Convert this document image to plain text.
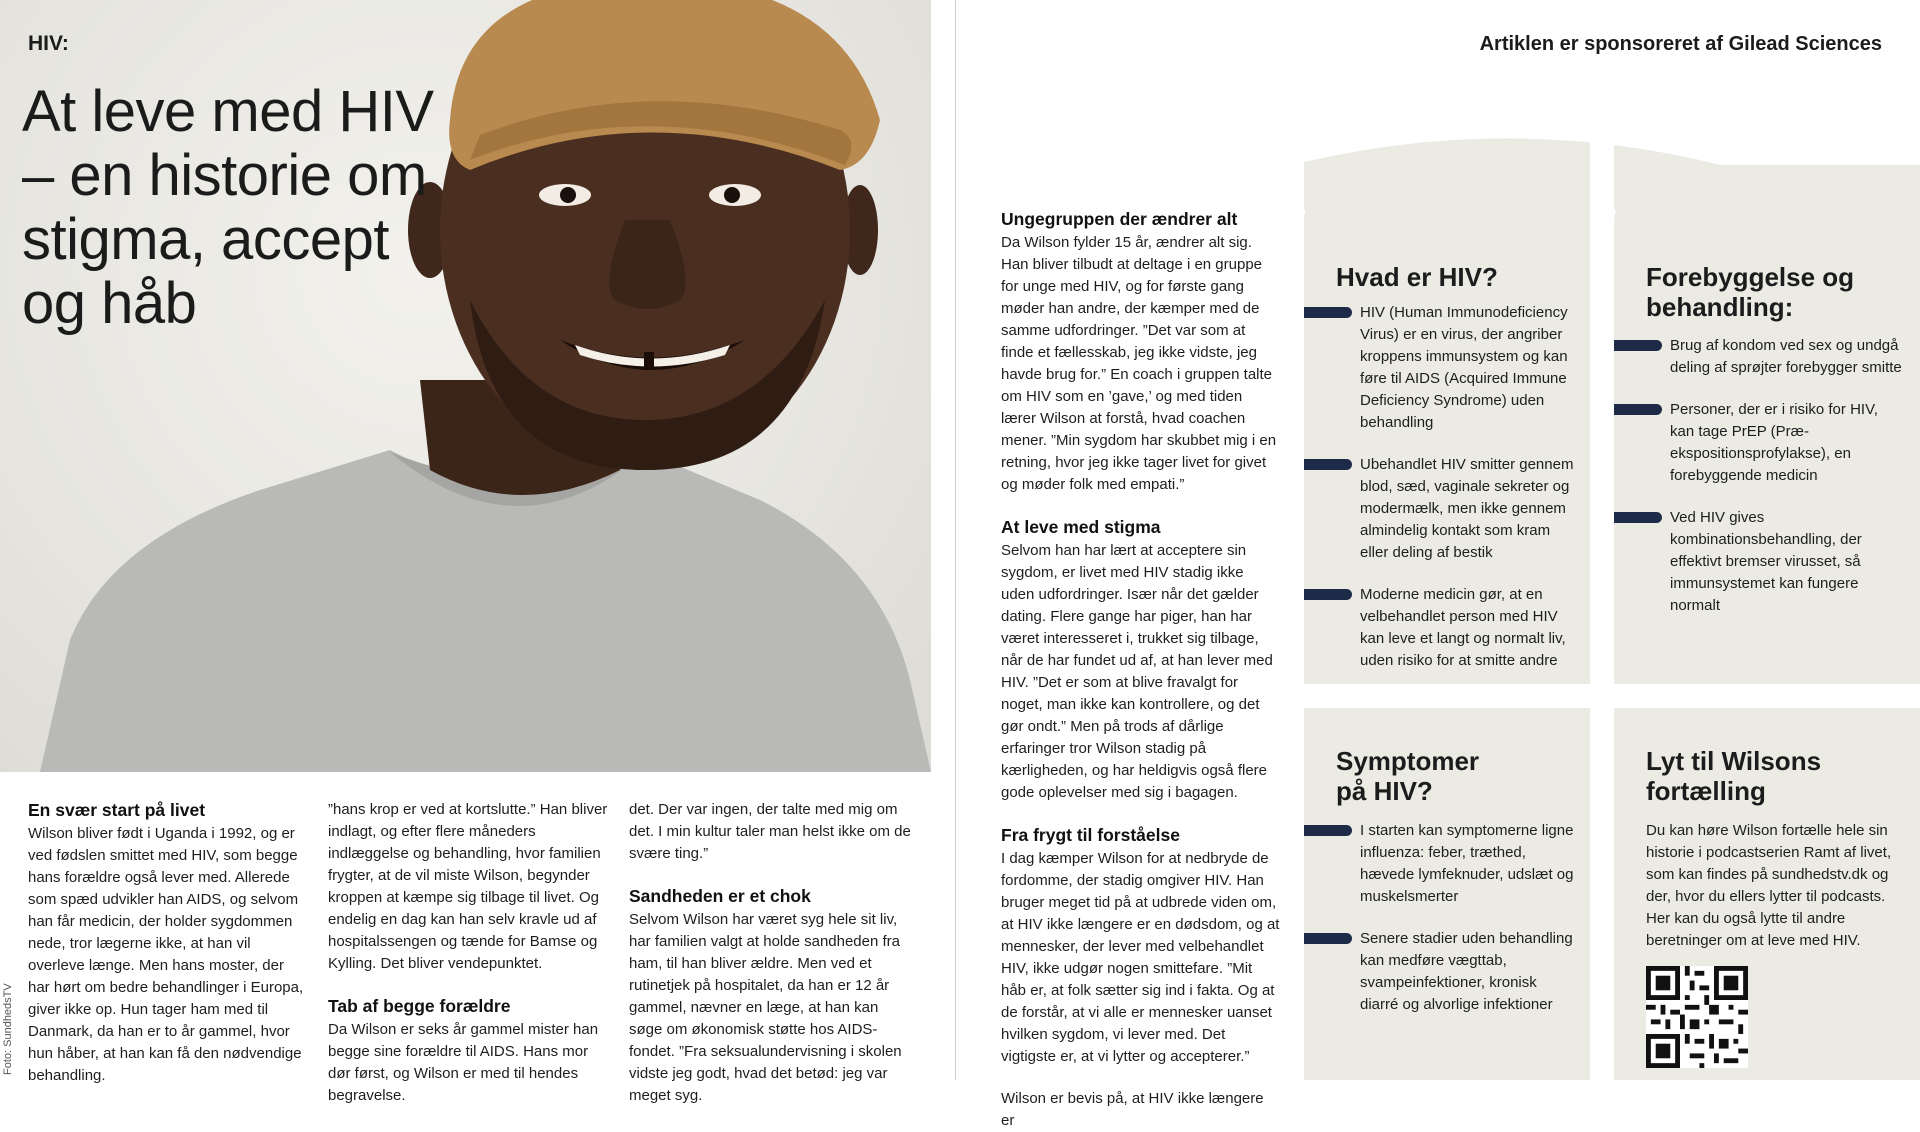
HIV:
At leve med HIV – en historie om stigma, accept og håb
Foto: SundhedsTV
En svær start på livet

Wilson bliver født i Uganda i 1992, og er ved fødslen smittet med HIV, som begge hans forældre også lever med. Allerede som spæd udvikler han AIDS, og selvom han får medicin, der holder sygdommen nede, tror lægerne ikke, at han vil overleve længe. Men hans moster, der har hørt om bedre behandlinger i Europa, giver ikke op. Hun tager ham med til Danmark, da han er to år gammel, hvor hun håber, at han kan få den nødvendige behandling.

”hans krop er ved at kortslutte.” Han bliver indlagt, og efter flere måneders indlæggelse og behandling, hvor familien frygter, at de vil miste Wilson, begynder kroppen at kæmpe sig tilbage til livet. Og endelig en dag kan han selv kravle ud af hospitalssengen og tænde for Bamse og Kylling. Det bliver vendepunktet.

Tab af begge forældre

Da Wilson er seks år gammel mister han begge sine forældre til AIDS. Hans mor dør først, og Wilson er med til hendes begravelse.

det. Der var ingen, der talte med mig om det. I min kultur taler man helst ikke om de svære ting.”

Sandheden er et chok

Selvom Wilson har været syg hele sit liv, har familien valgt at holde sandheden fra ham, til han bliver ældre. Men ved et rutinetjek på hospitalet, da han er 12 år gammel, nævner en læge, at han kan søge om økonomisk støtte hos AIDS-fondet. ”Fra seksualundervisning i skolen vidste jeg godt, hvad det betød: jeg var meget syg.

Ungegruppen der ændrer alt

Da Wilson fylder 15 år, ændrer alt sig. Han bliver tilbudt at deltage i en gruppe for unge med HIV, og for første gang møder han andre, der kæmper med de samme udfordringer. ”Det var som at finde et fællesskab, jeg ikke vidste, jeg havde brug for.” En coach i gruppen talte om HIV som en ’gave,’ og med tiden lærer Wilson at forstå, hvad coachen mener. ”Min sygdom har skubbet mig i en retning, hvor jeg ikke tager livet for givet og møder folk med empati.”

At leve med stigma

Selvom han har lært at acceptere sin sygdom, er livet med HIV stadig ikke uden udfordringer. Især når det gælder dating. Flere gange har piger, han har været interesseret i, trukket sig tilbage, når de har fundet ud af, at han lever med HIV. ”Det er som at blive fravalgt for noget, man ikke kan kontrollere, og det gør ondt.” Men på trods af dårlige erfaringer tror Wilson stadig på kærligheden, og har heldigvis også flere gode oplevelser med sig i bagagen.

Fra frygt til forståelse

I dag kæmper Wilson for at nedbryde de fordomme, der stadig omgiver HIV. Han bruger meget tid på at udbrede viden om, at HIV ikke længere er en dødsdom, og at mennesker, der lever med velbehandlet HIV, ikke udgør nogen smittefare. ”Mit håb er, at folk sætter sig ind i fakta. Og at de forstår, at vi alle er mennesker uanset hvilken sygdom, vi lever med. Det vigtigste er, at vi lytter og accepterer.”

Wilson er bevis på, at HIV ikke længere er

Artiklen er sponsoreret af Gilead Sciences
Hvad er HIV?
HIV (Human Immunodeficiency Virus) er en virus, der angriber kroppens immunsystem og kan føre til AIDS (Acquired Immune Deficiency Syndrome) uden behandling
Ubehandlet HIV smitter gennem blod, sæd, vaginale sekreter og modermælk, men ikke gennem almindelig kontakt som kram eller deling af bestik
Moderne medicin gør, at en velbehandlet person med HIV kan leve et langt og normalt liv, uden risiko for at smitte andre
Forebyggelse og behandling:
Brug af kondom ved sex og undgå deling af sprøjter forebygger smitte
Personer, der er i risiko for HIV, kan tage PrEP (Præ-ekspositionsprofylakse), en forebyggende medicin
Ved HIV gives kombinationsbehandling, der effektivt bremser virusset, så immunsystemet kan fungere normalt
Symptomer på HIV?
I starten kan symptomerne ligne influenza: feber, træthed, hævede lymfeknuder, udslæt og muskelsmerter
Senere stadier uden behandling kan medføre vægttab, svampeinfektioner, kronisk diarré og alvorlige infektioner
Lyt til Wilsons fortælling

Du kan høre Wilson fortælle hele sin historie i podcastserien Ramt af livet, som kan findes på sundhedstv.dk og der, hvor du ellers lytter til podcasts. Her kan du også lytte til andre beretninger om at leve med HIV.
